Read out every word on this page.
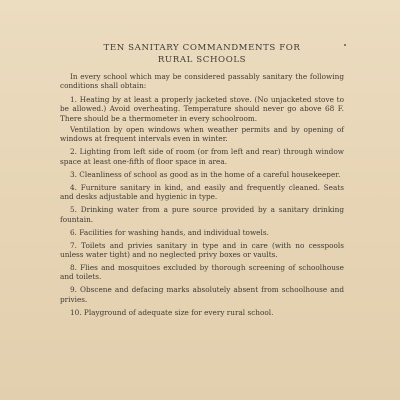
TEN SANITARY COMMANDMENTS FOR
RURAL SCHOOLS

In every school which may be considered passably sanitary the following conditions shall obtain:

1. Heating by at least a properly jacketed stove. (No unjacketed stove to be allowed.) Avoid overheating. Temperature should never go above 68 F. There should be a thermometer in every schoolroom.

Ventilation by open windows when weather permits and by opening of windows at frequent intervals even in winter.

2. Lighting from left side of room (or from left and rear) through window space at least one-fifth of floor space in area.

3. Cleanliness of school as good as in the home of a careful housekeeper.

4. Furniture sanitary in kind, and easily and frequently cleaned. Seats and desks adjustable and hygienic in type.

5. Drinking water from a pure source provided by a sanitary drinking fountain.

6. Facilities for washing hands, and individual towels.

7. Toilets and privies sanitary in type and in care (with no cesspools unless water tight) and no neglected privy boxes or vaults.

8. Flies and mosquitoes excluded by thorough screening of schoolhouse and toilets.

9. Obscene and defacing marks absolutely absent from schoolhouse and privies.

10. Playground of adequate size for every rural school.
